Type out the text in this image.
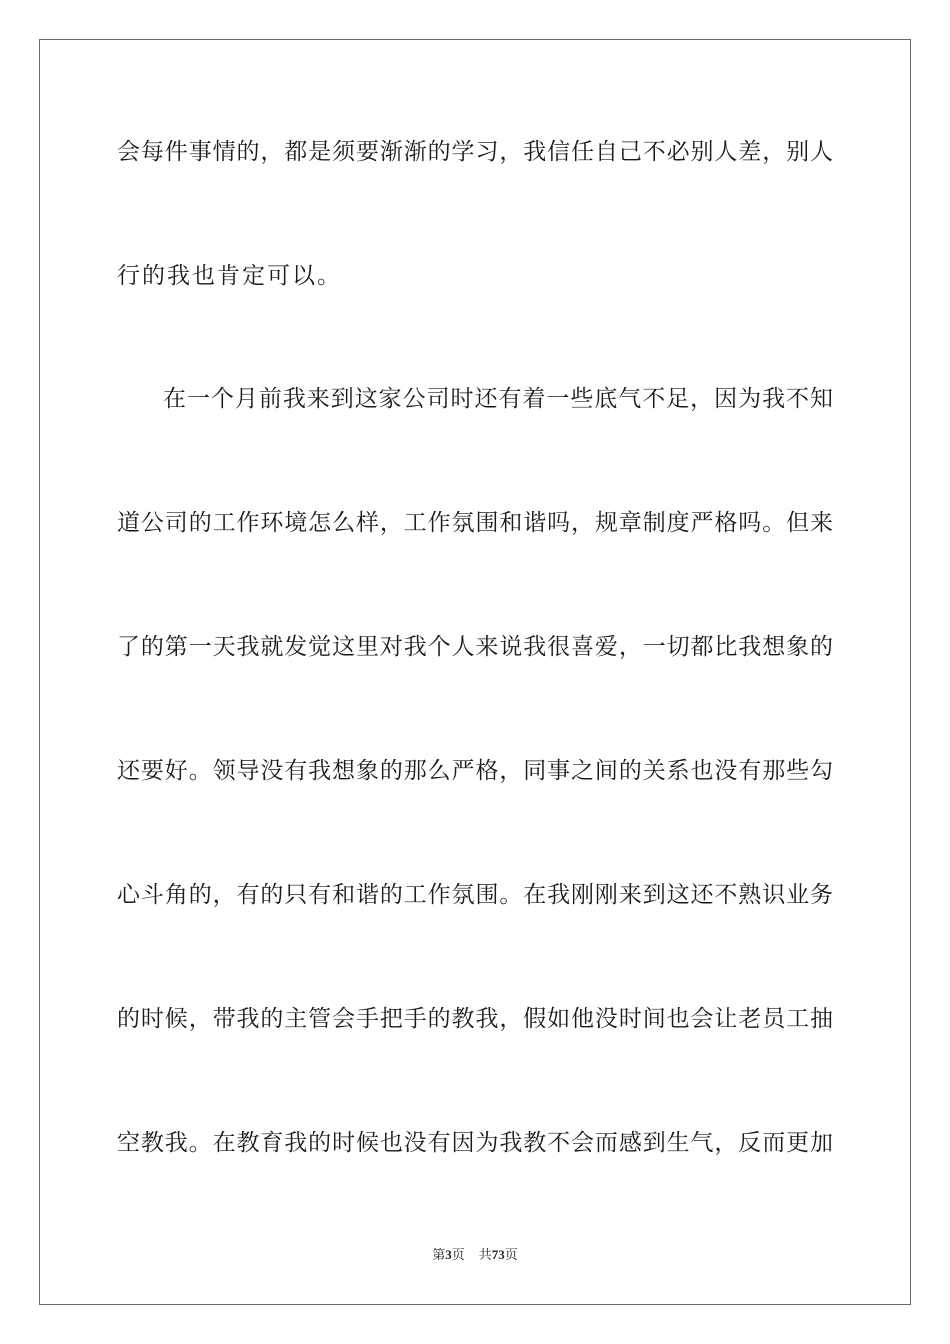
会每件事情的，都是须要渐渐的学习，我信任自己不必别人差，别人
行的我也肯定可以。
在一个月前我来到这家公司时还有着一些底气不足，因为我不知
道公司的工作环境怎么样，工作氛围和谐吗，规章制度严格吗。但来
了的第一天我就发觉这里对我个人来说我很喜爱，一切都比我想象的
还要好。领导没有我想象的那么严格，同事之间的关系也没有那些勾
心斗角的，有的只有和谐的工作氛围。在我刚刚来到这还不熟识业务
的时候，带我的主管会手把手的教我，假如他没时间也会让老员工抽
空教我。在教育我的时候也没有因为我教不会而感到生气，反而更加
第3页 共73页
